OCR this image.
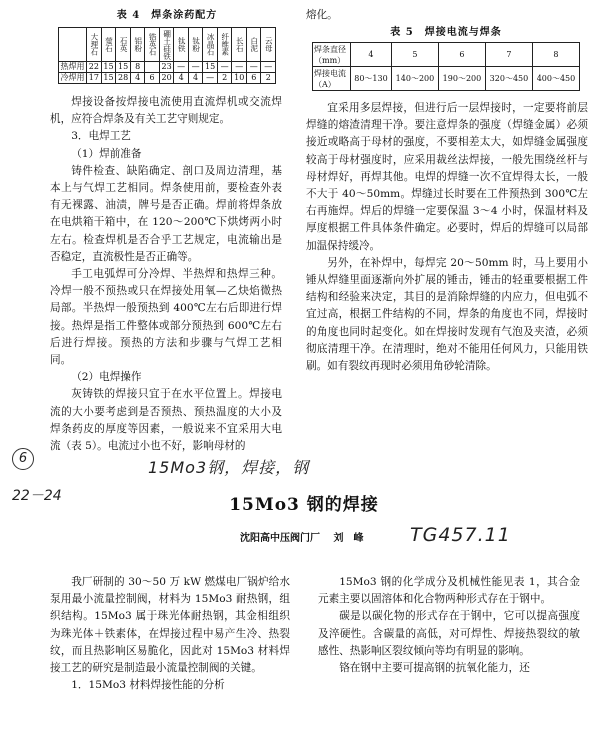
表 4　焊条涂药配方
	大理石	萤石	石英	铝粉	锆英石	硼土硅铁	钛铁	钛粉	冰晶石	纤维素	长石	白泥	云母
热焊用	22	15	15	8		23	—	—	15	—	—	—	—
冷焊用	17	15	28	4	6	20	4	4	—	2	10	6	2

焊接设备按焊接电流使用直流焊机或交流焊机，应符合焊条及有关工艺守则规定。

3．电焊工艺

（1）焊前准备

铸件检查、缺陷确定、剖口及周边清理，基本上与气焊工艺相同。焊条使用前，要检查外表有无裸露、油渍，牌号是否正确。焊前将焊条放在电烘箱干箱中，在 120～200℃下烘烤两小时左右。检查焊机是否合乎工艺规定，电流输出是否稳定，直流极性是否正确等。

手工电弧焊可分冷焊、半热焊和热焊三种。冷焊一般不预热或只在焊接处用氧—乙炔焰微热局部。半热焊一般预热到 400℃左右后即进行焊接。热焊是指工件整体或部分预热到 600℃左右后进行焊接。预热的方法和步骤与气焊工艺相同。

（2）电焊操作

灰铸铁的焊接只宜于在水平位置上。焊接电流的大小要考虑到是否预热、预热温度的大小及焊条药皮的厚度等因素，一般说来不宜采用大电流（表 5）。电流过小也不好，影响母材的

熔化。

表 5　焊接电流与焊条
焊条直径（mm）	4	5	6	7	8
焊接电流（A）	80～130	140～200	190～200	320～450	400～450

宜采用多层焊接，但进行后一层焊接时，一定要将前层焊缝的熔渣清理干净。要注意焊条的强度（焊缝金属）必须接近或略高于母材的强度，不要相差太大，如焊缝金属强度较高于母材强度时，应采用裁丝法焊接，一般先围绕丝杆与母材焊好，再焊其他。电焊的焊缝一次不宜焊得太长，一般不大于 40～50mm。焊缝过长时要在工件预热到 300℃左右再施焊。焊后的焊缝一定要保温 3～4 小时，保温材料及厚度根据工件具体条件确定。必要时，焊后的焊缝可以局部加温保持缓冷。

另外，在补焊中，每焊完 20～50mm 时，马上要用小锤从焊缝里面逐渐向外扩展的锤击，锤击的轻重要根据工件结构和经验来决定，其目的是消除焊缝的内应力，但电弧不宜过高，根据工件结构的不同，焊条的角度也不同，焊接时的角度也同时起变化。如在焊接时发现有气泡及夹渣，必须彻底清理干净。在清理时，绝对不能用任何风力，只能用铁刷。如有裂纹再现时必须用角砂轮清除。

6	15Mo3钢，焊接，钢
22－24
TG457.11
15Mo3 钢的焊接
沈阳高中压阀门厂 刘　峰

我厂研制的 30～50 万 kW 燃煤电厂锅炉给水泵用最小流量控制阀，材料为 15Mo3 耐热钢，组织结构。15Mo3 属于珠光体耐热钢，其金相组织为珠光体＋铁素体，在焊接过程中易产生冷、热裂纹，而且热影响区易脆化，因此对 15Mo3 材料焊接工艺的研究是制造最小流量控制阀的关键。

1．15Mo3 材料焊接性能的分析

15Mo3 钢的化学成分及机械性能见表 1，其合金元素主要以固溶体和化合物两种形式存在于钢中。

碳是以碳化物的形式存在于钢中，它可以提高强度及淬硬性。含碳量的高低，对可焊性、焊接热裂纹的敏感性、热影响区裂纹倾向等均有明显的影响。

铬在钢中主要可提高钢的抗氧化能力，还
